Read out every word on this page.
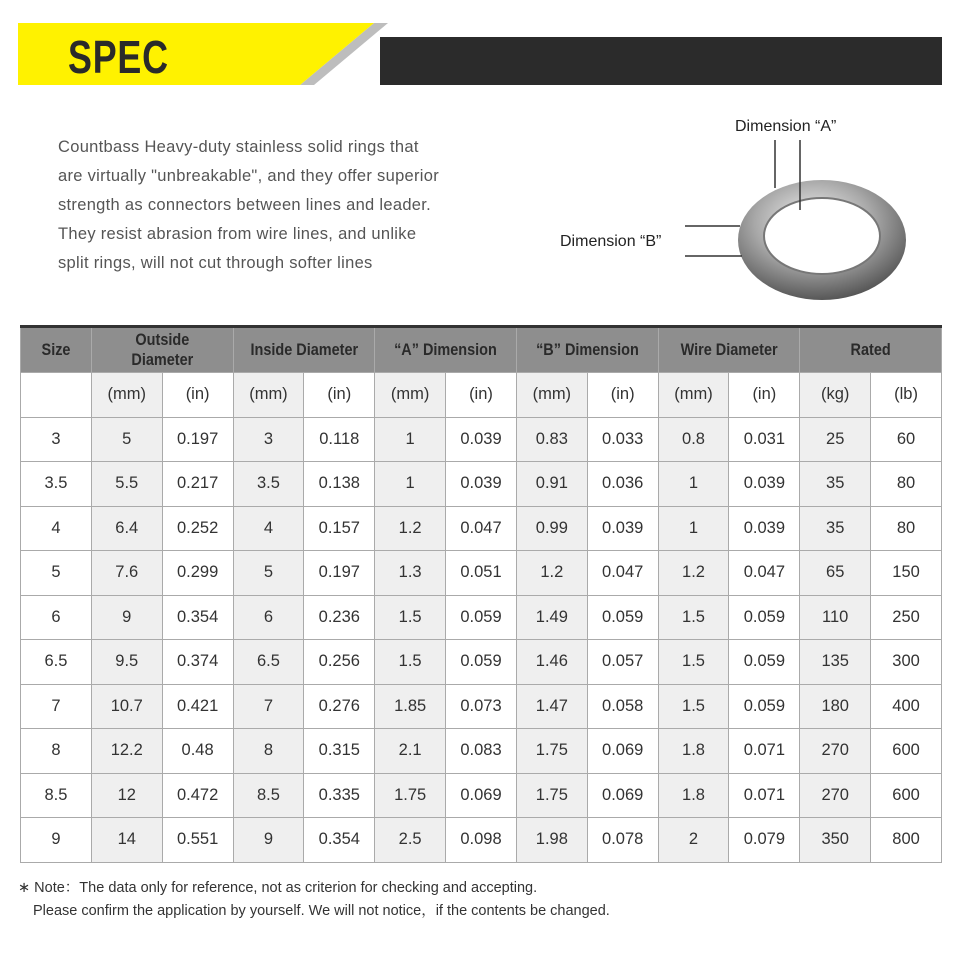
SPEC
Countbass Heavy-duty stainless solid rings that
are virtually "unbreakable", and they offer superior
strength as connectors between lines and leader.
They resist abrasion from wire lines, and unlike
split rings, will not cut through softer lines
Dimension “A”
Dimension “B”
Size	Outside Diameter		Inside Diameter		“A” Dimension		“B” Dimension		Wire Diameter		Rated	
	(mm)	(in)	(mm)	(in)	(mm)	(in)	(mm)	(in)	(mm)	(in)	(kg)	(lb)
3	5	0.197	3	0.118	1	0.039	0.83	0.033	0.8	0.031	25	60
3.5	5.5	0.217	3.5	0.138	1	0.039	0.91	0.036	1	0.039	35	80
4	6.4	0.252	4	0.157	1.2	0.047	0.99	0.039	1	0.039	35	80
5	7.6	0.299	5	0.197	1.3	0.051	1.2	0.047	1.2	0.047	65	150
6	9	0.354	6	0.236	1.5	0.059	1.49	0.059	1.5	0.059	110	250
6.5	9.5	0.374	6.5	0.256	1.5	0.059	1.46	0.057	1.5	0.059	135	300
7	10.7	0.421	7	0.276	1.85	0.073	1.47	0.058	1.5	0.059	180	400
8	12.2	0.48	8	0.315	2.1	0.083	1.75	0.069	1.8	0.071	270	600
8.5	12	0.472	8.5	0.335	1.75	0.069	1.75	0.069	1.8	0.071	270	600
9	14	0.551	9	0.354	2.5	0.098	1.98	0.078	2	0.079	350	800
∗ Note：The data only for reference, not as criterion for checking and accepting.
Please confirm the application by yourself. We will not notice，if the contents be changed.
